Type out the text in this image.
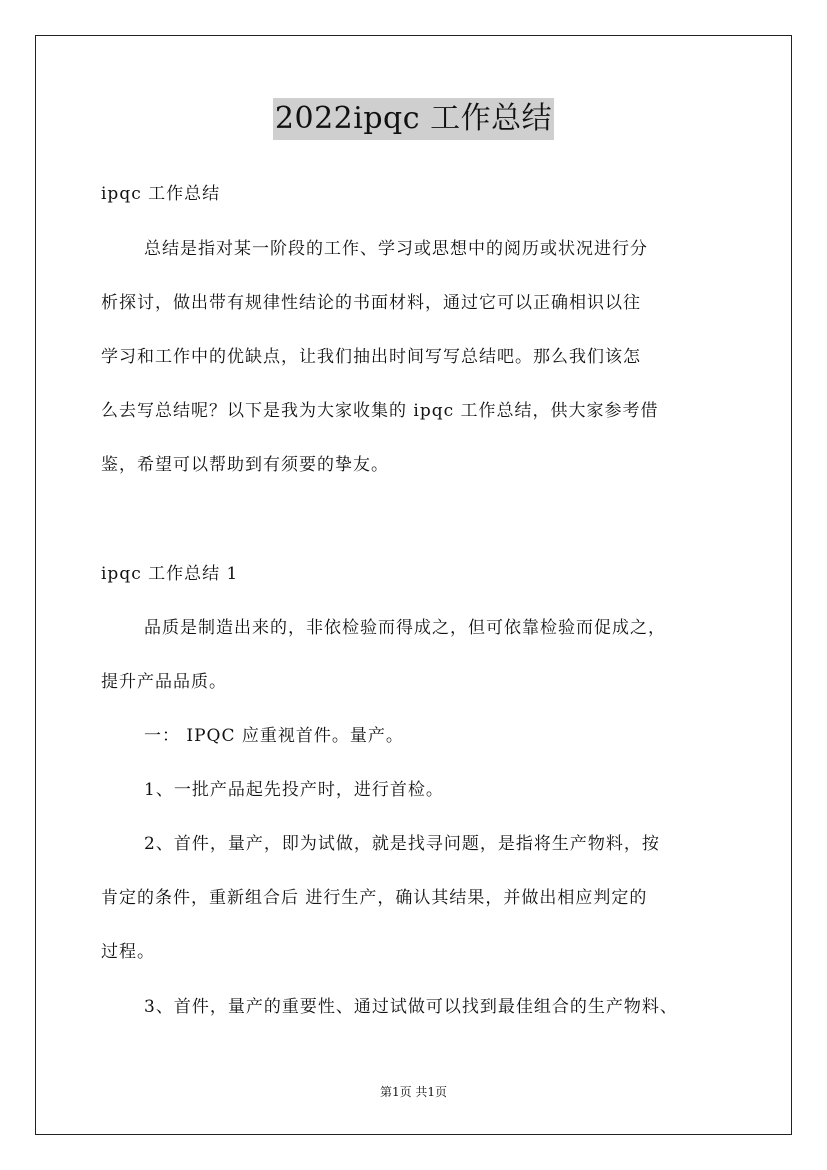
2022ipqc 工作总结
ipqc 工作总结
总结是指对某一阶段的工作、学习或思想中的阅历或状况进行分
析探讨，做出带有规律性结论的书面材料，通过它可以正确相识以往
学习和工作中的优缺点，让我们抽出时间写写总结吧。那么我们该怎
么去写总结呢？以下是我为大家收集的 ipqc 工作总结，供大家参考借
鉴，希望可以帮助到有须要的挚友。
ipqc 工作总结 1
品质是制造出来的，非依检验而得成之，但可依靠检验而促成之，
提升产品品质。
一： IPQC 应重视首件。量产。
1、一批产品起先投产时，进行首检。
2、首件，量产，即为试做，就是找寻问题，是指将生产物料，按
肯定的条件，重新组合后 进行生产，确认其结果，并做出相应判定的
过程。
3、首件，量产的重要性、通过试做可以找到最佳组合的生产物料、
第1页 共1页
